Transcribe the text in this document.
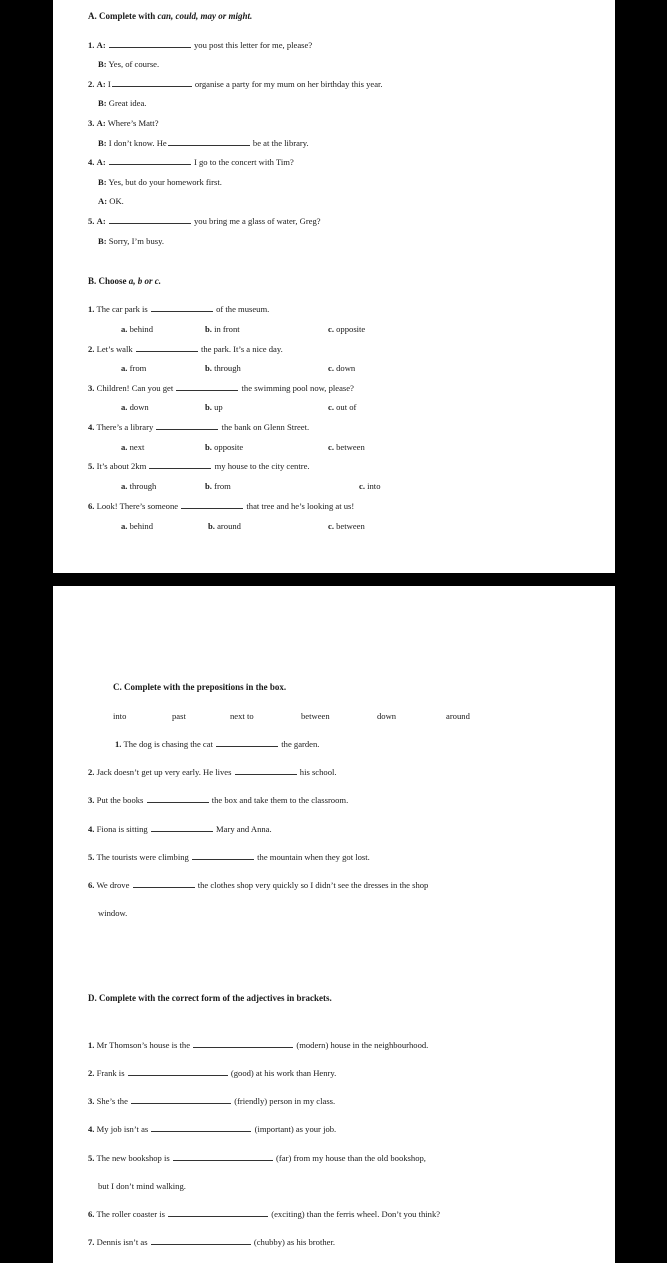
A. Complete with can, could, may or might.
1. A:	you post this letter for me, please?
B: Yes, of course.
2. A: I	organise a party for my mum on her birthday this year.
B: Great idea.
3. A: Where’s Matt?
B: I don’t know. He	be at the library.
4. A:	I go to the concert with Tim?
B: Yes, but do your homework first.
A: OK.
5. A:	you bring me a glass of water, Greg?
B: Sorry, I’m busy.
B. Choose a, b or c.
1. The car park is	of the museum.
a. behind	b. in front	c. opposite
2. Let’s walk	the park. It’s a nice day.
a. from	b. through	c. down
3. Children! Can you get	the swimming pool now, please?
a. down	b. up	c. out of
4. There’s a library	the bank on Glenn Street.
a. next	b. opposite	c. between
5. It’s about 2km	my house to the city centre.
a. through	b. from	c. into
6. Look! There’s someone	that tree and he’s looking at us!
a. behind	b. around	c. between
C. Complete with the prepositions in the box.
into	past	next to	between	down	around
1. The dog is chasing the cat	the garden.
2. Jack doesn’t get up very early. He lives	his school.
3. Put the books	the box and take them to the classroom.
4. Fiona is sitting	Mary and Anna.
5. The tourists were climbing	the mountain when they got lost.
6. We drove	the clothes shop very quickly so I didn’t see the dresses in the shop
window.
D. Complete with the correct form of the adjectives in brackets.
1. Mr Thomson’s house is the	(modern) house in the neighbourhood.
2. Frank is	(good) at his work than Henry.
3. She’s the	(friendly) person in my class.
4. My job isn’t as	(important) as your job.
5. The new bookshop is	(far) from my house than the old bookshop,
but I don’t mind walking.
6. The roller coaster is	(exciting) than the ferris wheel. Don’t you think?
7. Dennis isn’t as	(chubby) as his brother.
